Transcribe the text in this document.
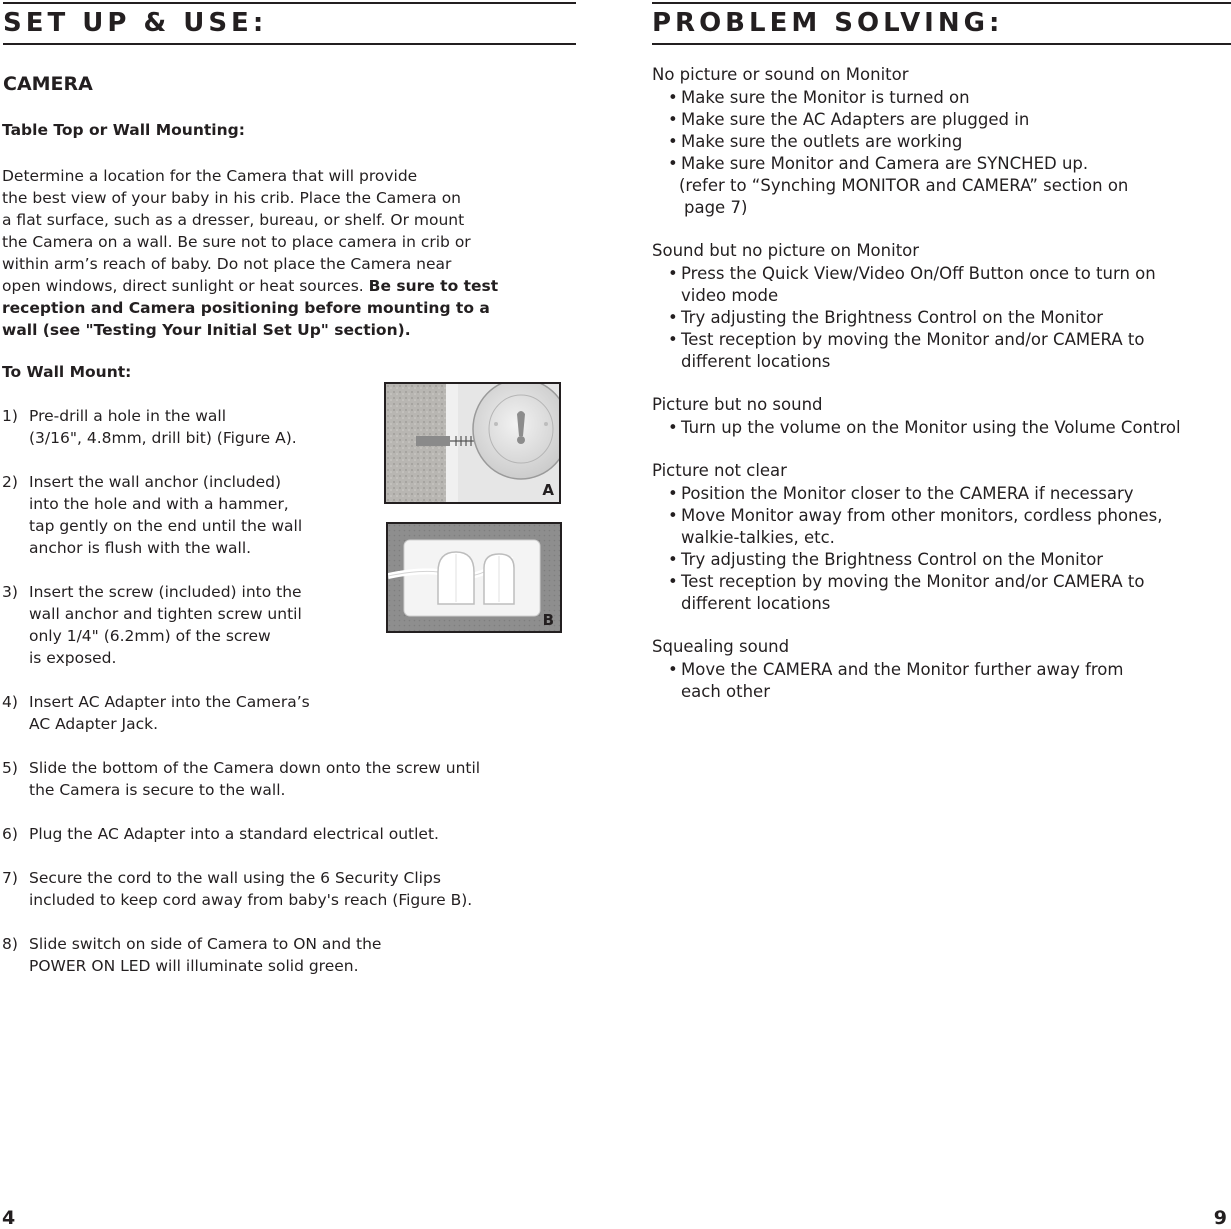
SET UP & USE:
CAMERA
Table Top or Wall Mounting:
Determine a location for the Camera that will provide
the best view of your baby in his crib. Place the Camera on
a flat surface, such as a dresser, bureau, or shelf. Or mount
the Camera on a wall. Be sure not to place camera in crib or
within arm’s reach of baby. Do not place the Camera near
open windows, direct sunlight or heat sources. Be sure to test
reception and Camera positioning before mounting to a
wall (see "Testing Your Initial Set Up" section).
To Wall Mount:
1) Pre-drill a hole in the wall
(3/16", 4.8mm, drill bit) (Figure A).
2) Insert the wall anchor (included)
into the hole and with a hammer,
tap gently on the end until the wall
anchor is flush with the wall.
3) Insert the screw (included) into the
wall anchor and tighten screw until
only 1/4" (6.2mm) of the screw
is exposed.
4) Insert AC Adapter into the Camera’s
AC Adapter Jack.
5) Slide the bottom of the Camera down onto the screw until
the Camera is secure to the wall.
6) Plug the AC Adapter into a standard electrical outlet.
7) Secure the cord to the wall using the 6 Security Clips
included to keep cord away from baby's reach (Figure B).
8) Slide switch on side of Camera to ON and the
POWER ON LED will illuminate solid green.
A
B
4
PROBLEM SOLVING:
No picture or sound on Monitor
• Make sure the Monitor is turned on
• Make sure the AC Adapters are plugged in
• Make sure the outlets are working
• Make sure Monitor and Camera are SYNCHED up.
(refer to “Synching MONITOR and CAMERA” section on
page 7)
Sound but no picture on Monitor
• Press the Quick View/Video On/Off Button once to turn on
video mode
• Try adjusting the Brightness Control on the Monitor
• Test reception by moving the Monitor and/or CAMERA to
different locations
Picture but no sound
• Turn up the volume on the Monitor using the Volume Control
Picture not clear
• Position the Monitor closer to the CAMERA if necessary
• Move Monitor away from other monitors, cordless phones,
walkie-talkies, etc.
• Try adjusting the Brightness Control on the Monitor
• Test reception by moving the Monitor and/or CAMERA to
different locations
Squealing sound
• Move the CAMERA and the Monitor further away from
each other
9
